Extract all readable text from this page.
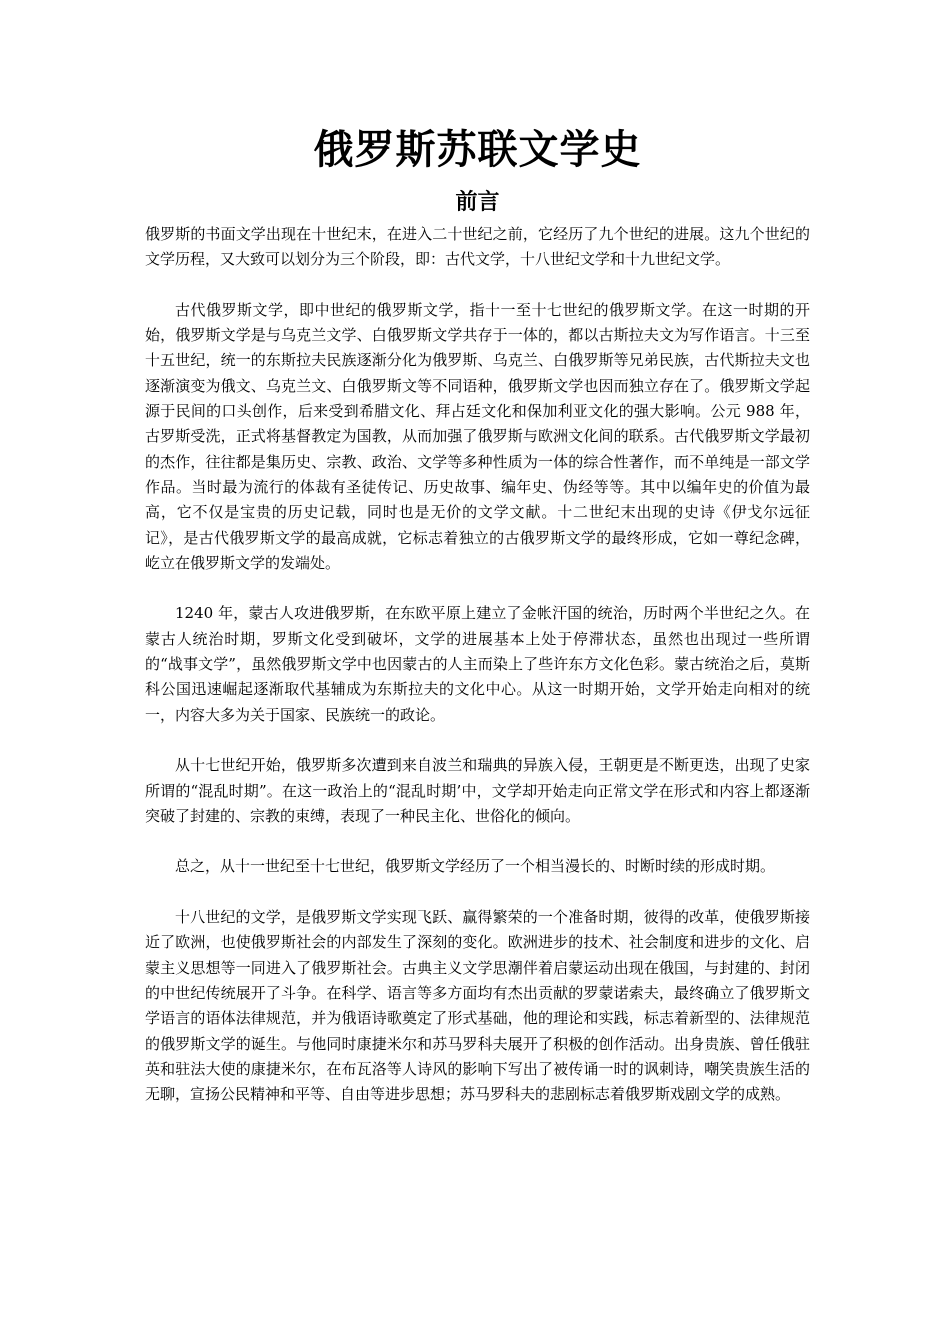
俄罗斯苏联文学史
前言

俄罗斯的书面文学出现在十世纪末，在进入二十世纪之前，它经历了九个世纪的进展。这九个世纪的文学历程，又大致可以划分为三个阶段，即：古代文学，十八世纪文学和十九世纪文学。

古代俄罗斯文学，即中世纪的俄罗斯文学，指十一至十七世纪的俄罗斯文学。在这一时期的开始，俄罗斯文学是与乌克兰文学、白俄罗斯文学共存于一体的，都以古斯拉夫文为写作语言。十三至十五世纪，统一的东斯拉夫民族逐渐分化为俄罗斯、乌克兰、白俄罗斯等兄弟民族，古代斯拉夫文也逐渐演变为俄文、乌克兰文、白俄罗斯文等不同语种，俄罗斯文学也因而独立存在了。俄罗斯文学起源于民间的口头创作，后来受到希腊文化、拜占廷文化和保加利亚文化的强大影响。公元 988 年，古罗斯受洗，正式将基督教定为国教，从而加强了俄罗斯与欧洲文化间的联系。古代俄罗斯文学最初的杰作，往往都是集历史、宗教、政治、文学等多种性质为一体的综合性著作，而不单纯是一部文学作品。当时最为流行的体裁有圣徒传记、历史故事、编年史、伪经等等。其中以编年史的价值为最高，它不仅是宝贵的历史记载，同时也是无价的文学文献。十二世纪末出现的史诗《伊戈尔远征记》，是古代俄罗斯文学的最高成就，它标志着独立的古俄罗斯文学的最终形成，它如一尊纪念碑，屹立在俄罗斯文学的发端处。

1240 年，蒙古人攻进俄罗斯，在东欧平原上建立了金帐汗国的统治，历时两个半世纪之久。在蒙古人统治时期，罗斯文化受到破坏，文学的进展基本上处于停滞状态，虽然也出现过一些所谓的“战事文学”，虽然俄罗斯文学中也因蒙古的人主而染上了些许东方文化色彩。蒙古统治之后，莫斯科公国迅速崛起逐渐取代基辅成为东斯拉夫的文化中心。从这一时期开始，文学开始走向相对的统一，内容大多为关于国家、民族统一的政论。

从十七世纪开始，俄罗斯多次遭到来自波兰和瑞典的异族入侵，王朝更是不断更迭，出现了史家所谓的“混乱时期”。在这一政治上的“混乱时期’中，文学却开始走向正常文学在形式和内容上都逐渐突破了封建的、宗教的束缚，表现了一种民主化、世俗化的倾向。

总之，从十一世纪至十七世纪，俄罗斯文学经历了一个相当漫长的、时断时续的形成时期。

十八世纪的文学，是俄罗斯文学实现飞跃、赢得繁荣的一个准备时期，彼得的改革，使俄罗斯接近了欧洲，也使俄罗斯社会的内部发生了深刻的变化。欧洲进步的技术、社会制度和进步的文化、启蒙主义思想等一同进入了俄罗斯社会。古典主义文学思潮伴着启蒙运动出现在俄国，与封建的、封闭的中世纪传统展开了斗争。在科学、语言等多方面均有杰出贡献的罗蒙诺索夫，最终确立了俄罗斯文学语言的语体法律规范，并为俄语诗歌奠定了形式基础，他的理论和实践，标志着新型的、法律规范的俄罗斯文学的诞生。与他同时康捷米尔和苏马罗科夫展开了积极的创作活动。出身贵族、曾任俄驻英和驻法大使的康捷米尔，在布瓦洛等人诗风的影响下写出了被传诵一时的讽刺诗，嘲笑贵族生活的无聊，宣扬公民精神和平等、自由等进步思想；苏马罗科夫的悲剧标志着俄罗斯戏剧文学的成熟。
